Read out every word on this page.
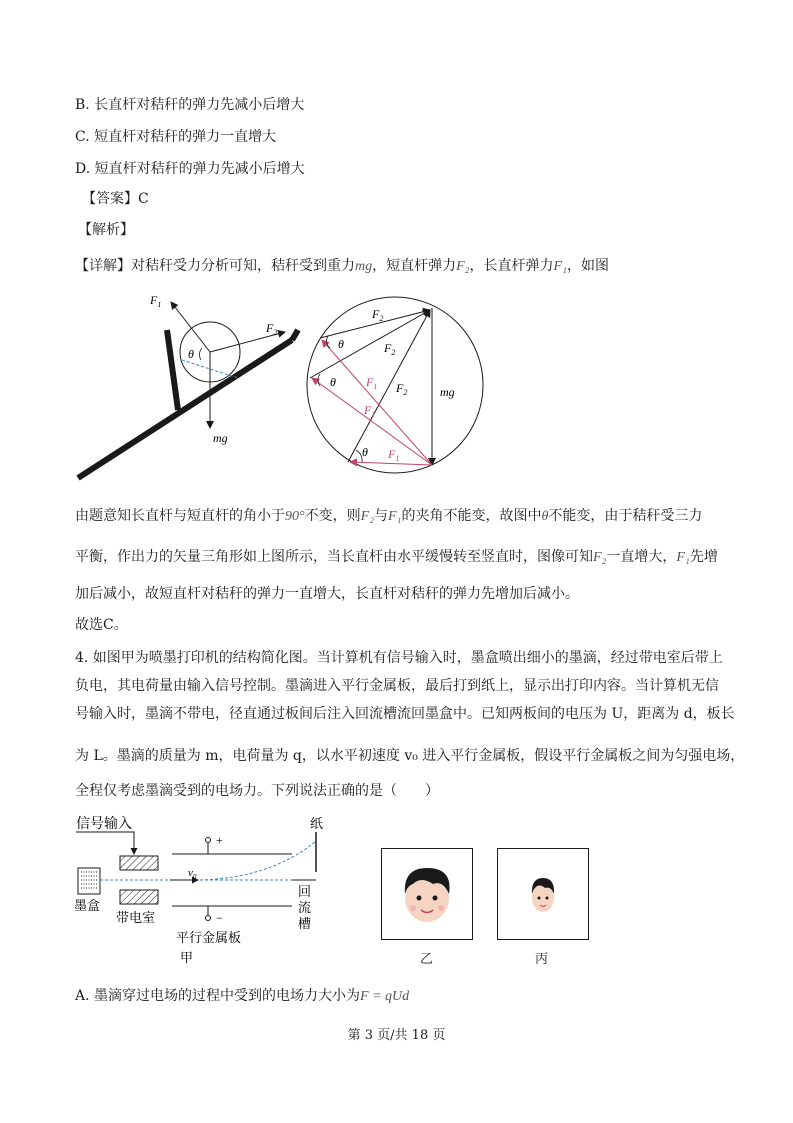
B. 长直杆对秸秆的弹力先减小后增大
C. 短直杆对秸秆的弹力一直增大
D. 短直杆对秸秆的弹力先减小后增大
【答案】C
【解析】
【详解】对秸秆受力分析可知，秸秆受到重力mg，短直杆弹力F₂，长直杆弹力F₁，如图
$F_1$
$F_2$
θ
mg
$F_2$
$F_2$
$F_2$
$F_1$
$F_1$
$F_1$
θ
θ
θ
mg
由题意知长直杆与短直杆的角小于90°不变，则F₂与F₁的夹角不能变，故图中θ不能变，由于秸秆受三力
平衡，作出力的矢量三角形如上图所示，当长直杆由水平缓慢转至竖直时，图像可知F₂一直增大，F₁先增
加后减小，故短直杆对秸秆的弹力一直增大，长直杆对秸秆的弹力先增加后减小。
故选C。
4. 如图甲为喷墨打印机的结构简化图。当计算机有信号输入时，墨盒喷出细小的墨滴，经过带电室后带上
负电，其电荷量由输入信号控制。墨滴进入平行金属板，最后打到纸上，显示出打印内容。当计算机无信
号输入时，墨滴不带电，径直通过板间后注入回流槽流回墨盒中。已知两板间的电压为 U，距离为 d，板长
为 L。墨滴的质量为 m，电荷量为 q，以水平初速度 v₀ 进入平行金属板，假设平行金属板之间为匀强电场，
全程仅考虑墨滴受到的电场力。下列说法正确的是（　　）
信号输入
墨盒
带电室
+
−
平行金属板
$v_0$
纸
回
流
槽
甲	乙	丙
A. 墨滴穿过电场的过程中受到的电场力大小为F = qUd
第 3 页/共 18 页
